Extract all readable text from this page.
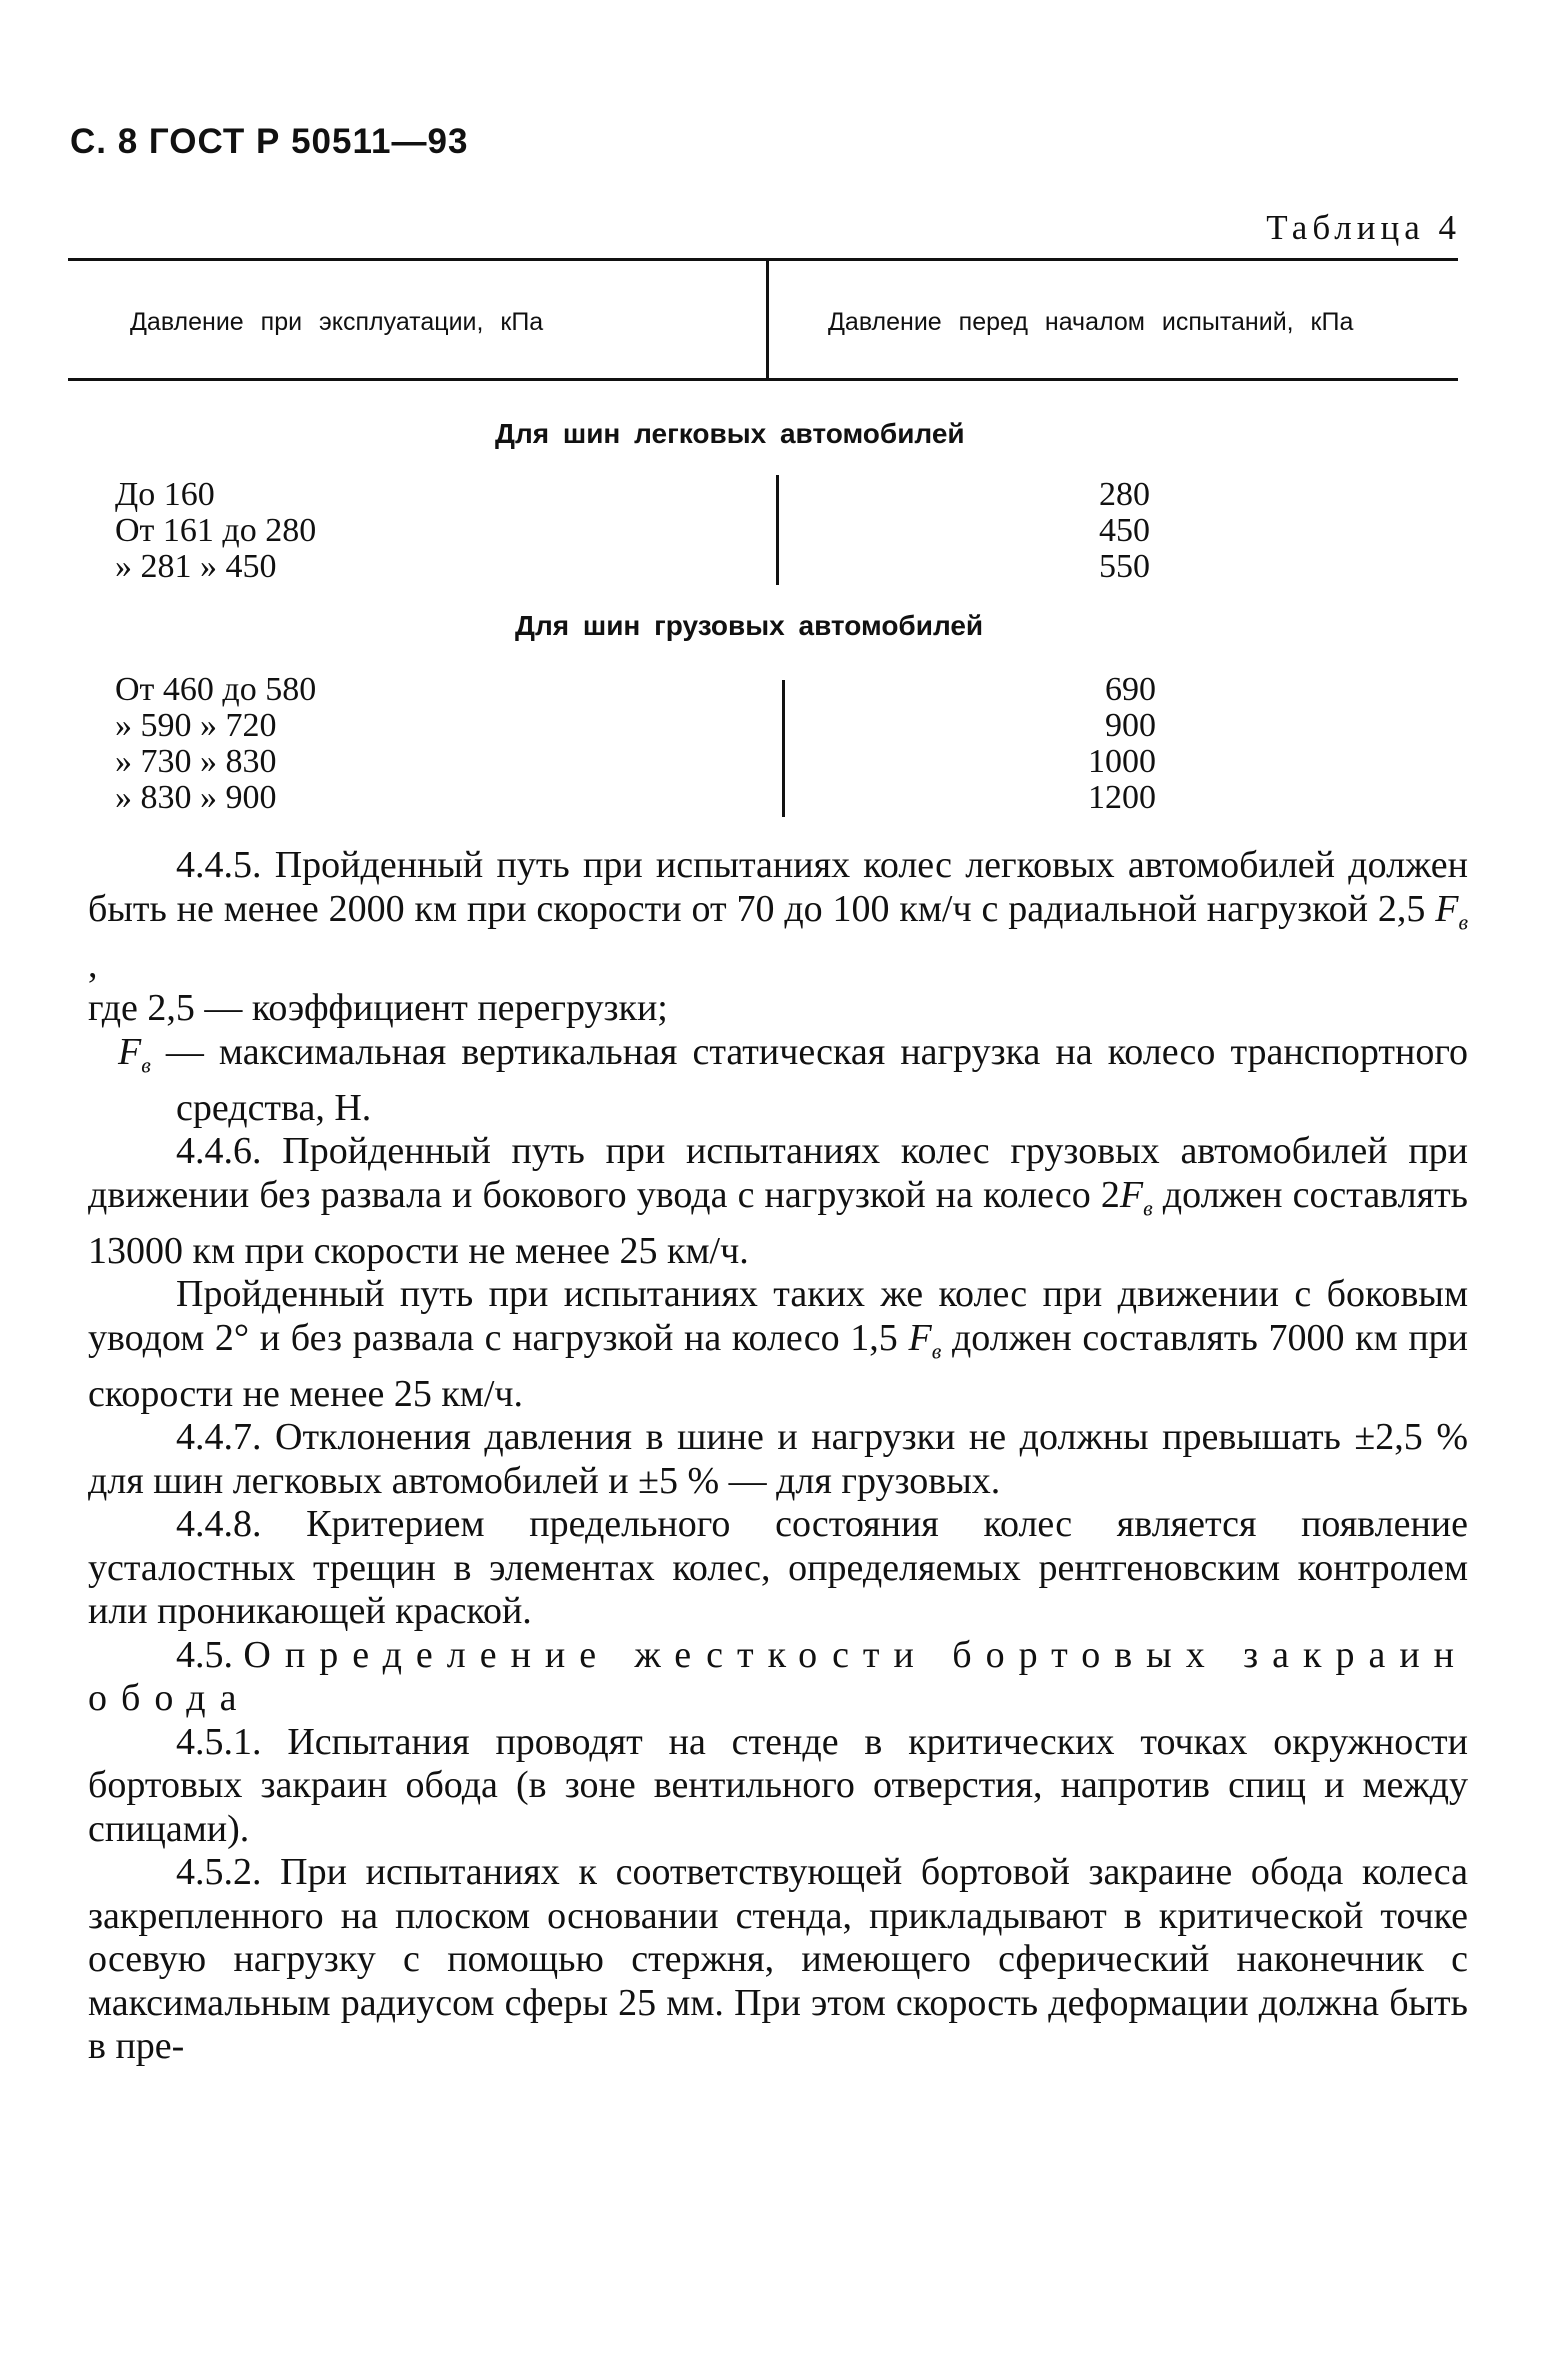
С. 8 ГОСТ Р 50511—93
Таблица 4
Давление при эксплуатации, кПа	Давление перед началом испытаний, кПа
Для шин легковых автомобилей
До 160	280
От 161 до 280	450
» 281 » 450	550
Для шин грузовых автомобилей
От 460 до 580	690
» 590 » 720	900
» 730 » 830	1000
» 830 » 900	1200

4.4.5. Пройденный путь при испытаниях колес легковых автомобилей должен быть не менее 2000 км при скорости от 70 до 100 км/ч с радиальной нагрузкой 2,5 $F_в$ ,

где 2,5 — коэффициент перегрузки;

$F_в$ — максимальная вертикальная статическая нагрузка на колесо транспортного средства, Н.

4.4.6. Пройденный путь при испытаниях колес грузовых автомобилей при движении без развала и бокового увода с нагрузкой на колесо $2F_в$ должен составлять 13000 км при скорости не менее 25 км/ч.

Пройденный путь при испытаниях таких же колес при движении с боковым уводом 2° и без развала с нагрузкой на колесо 1,5 $F_в$ должен составлять 7000 км при скорости не менее 25 км/ч.

4.4.7. Отклонения давления в шине и нагрузки не должны превышать ±2,5 % для шин легковых автомобилей и ±5 % — для грузовых.

4.4.8. Критерием предельного состояния колес является появление усталостных трещин в элементах колес, определяемых рентгеновским контролем или проникающей краской.

4.5. Определение жесткости бортовых закраин обода

4.5.1. Испытания проводят на стенде в критических точках окружности бортовых закраин обода (в зоне вентильного отверстия, напротив спиц и между спицами).

4.5.2. При испытаниях к соответствующей бортовой закраине обода колеса закрепленного на плоском основании стенда, прикладывают в критической точке осевую нагрузку с помощью стержня, имеющего сферический наконечник с максимальным радиусом сферы 25 мм. При этом скорость деформации должна быть в пре-
